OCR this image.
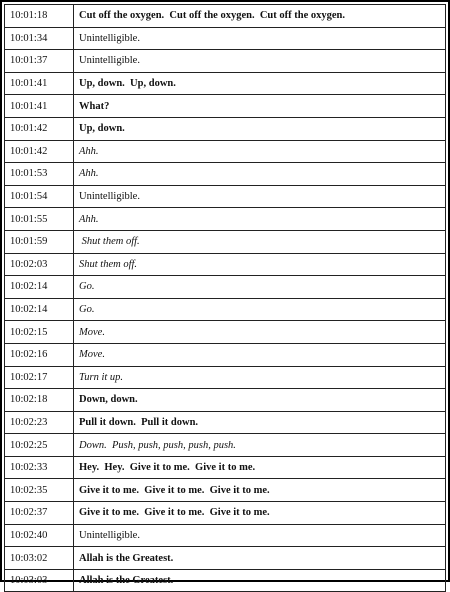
10:01:18	Cut off the oxygen.  Cut off the oxygen.  Cut off the oxygen.
10:01:34	Unintelligible.
10:01:37	Unintelligible.
10:01:41	Up, down.  Up, down.
10:01:41	What?
10:01:42	Up, down.
10:01:42	Ahh.
10:01:53	Ahh.
10:01:54	Unintelligible.
10:01:55	Ahh.
10:01:59	Shut them off.
10:02:03	Shut them off.
10:02:14	Go.
10:02:14	Go.
10:02:15	Move.
10:02:16	Move.
10:02:17	Turn it up.
10:02:18	Down, down.
10:02:23	Pull it down.  Pull it down.
10:02:25	Down.  Push, push, push, push, push.
10:02:33	Hey.  Hey.  Give it to me.  Give it to me.
10:02:35	Give it to me.  Give it to me.  Give it to me.
10:02:37	Give it to me.  Give it to me.  Give it to me.
10:02:40	Unintelligible.
10:03:02	Allah is the Greatest.
10:03:03	Allah is the Greatest.
